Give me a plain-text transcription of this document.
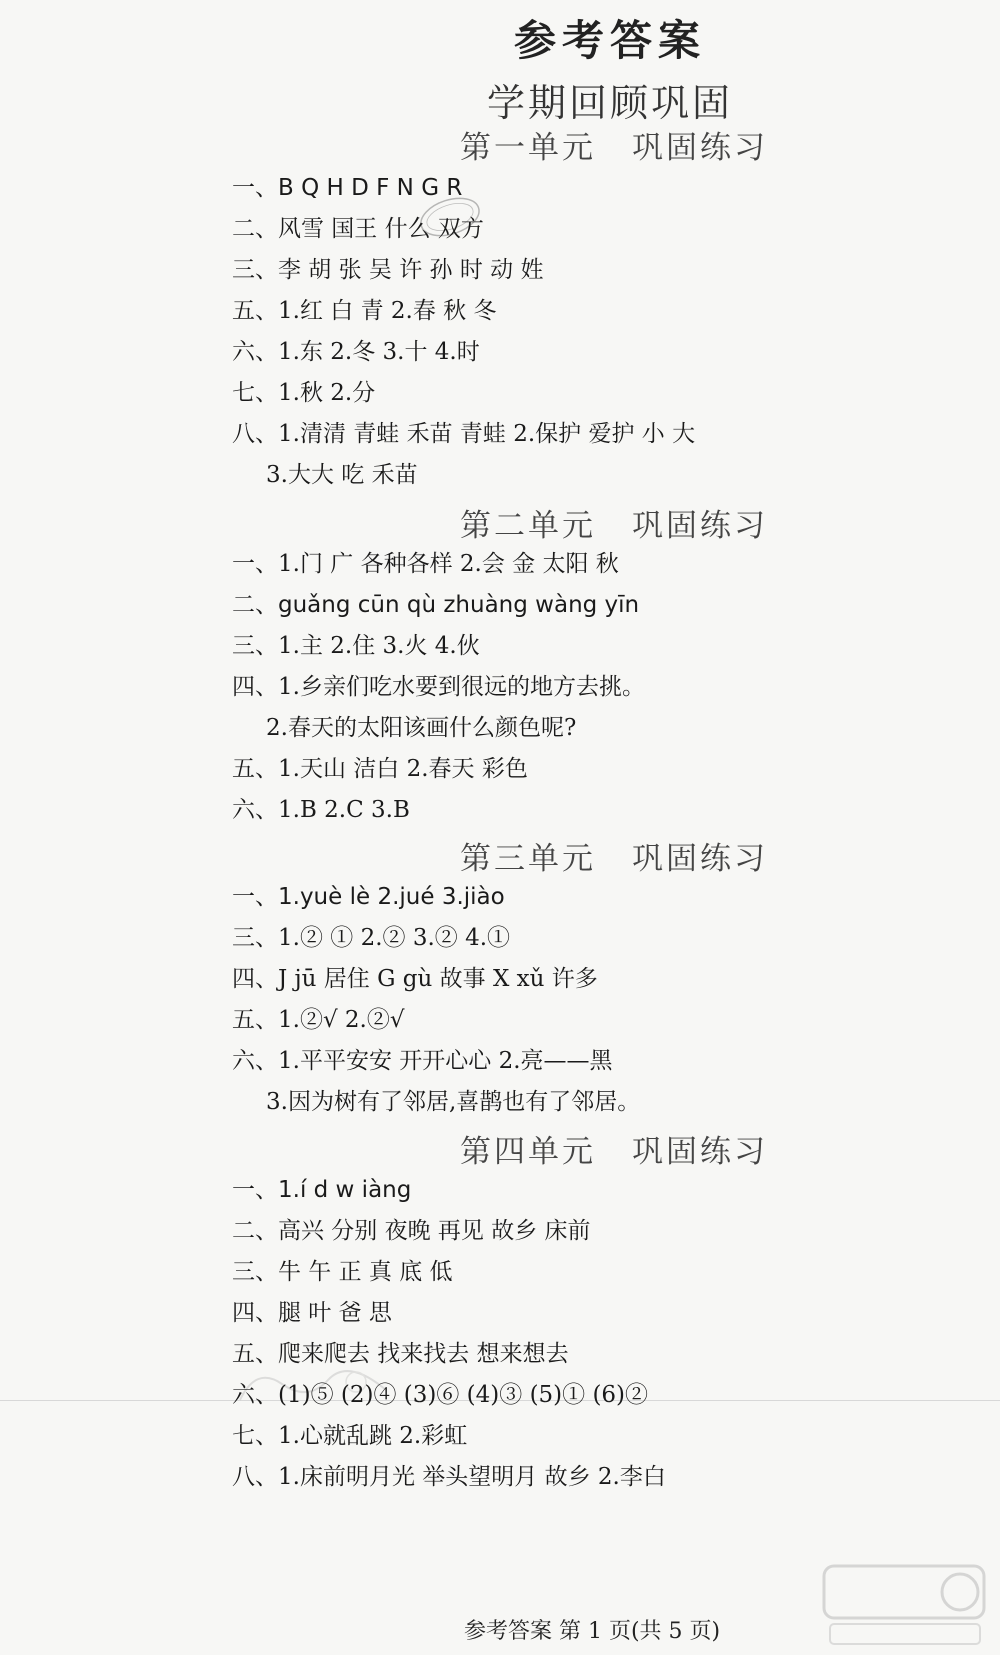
参考答案
学期回顾巩固
第一单元 巩固练习
一、B Q H D F N G R
二、风雪 国王 什么 双方
三、李 胡 张 吴 许 孙 时 动 姓
五、1.红 白 青 2.春 秋 冬
六、1.东 2.冬 3.十 4.时
七、1.秋 2.分
八、1.清清 青蛙 禾苗 青蛙 2.保护 爱护 小 大
3.大大 吃 禾苗
第二单元 巩固练习
一、1.门 广 各种各样 2.会 金 太阳 秋
二、guǎng cūn qù zhuàng wàng yīn
三、1.主 2.住 3.火 4.伙
四、1.乡亲们吃水要到很远的地方去挑。
2.春天的太阳该画什么颜色呢?
五、1.天山 洁白 2.春天 彩色
六、1.B 2.C 3.B
第三单元 巩固练习
一、1.yuè lè 2.jué 3.jiào
三、1.② ① 2.② 3.② 4.①
四、J jū 居住 G gù 故事 X xǔ 许多
五、1.②√ 2.②√
六、1.平平安安 开开心心 2.亮——黑
3.因为树有了邻居,喜鹊也有了邻居。
第四单元 巩固练习
一、1.í d w iàng
二、高兴 分别 夜晚 再见 故乡 床前
三、牛 午 正 真 底 低
四、腿 叶 爸 思
五、爬来爬去 找来找去 想来想去
六、(1)⑤ (2)④ (3)⑥ (4)③ (5)① (6)②
七、1.心就乱跳 2.彩虹
八、1.床前明月光 举头望明月 故乡 2.李白
参考答案 第 1 页(共 5 页)
